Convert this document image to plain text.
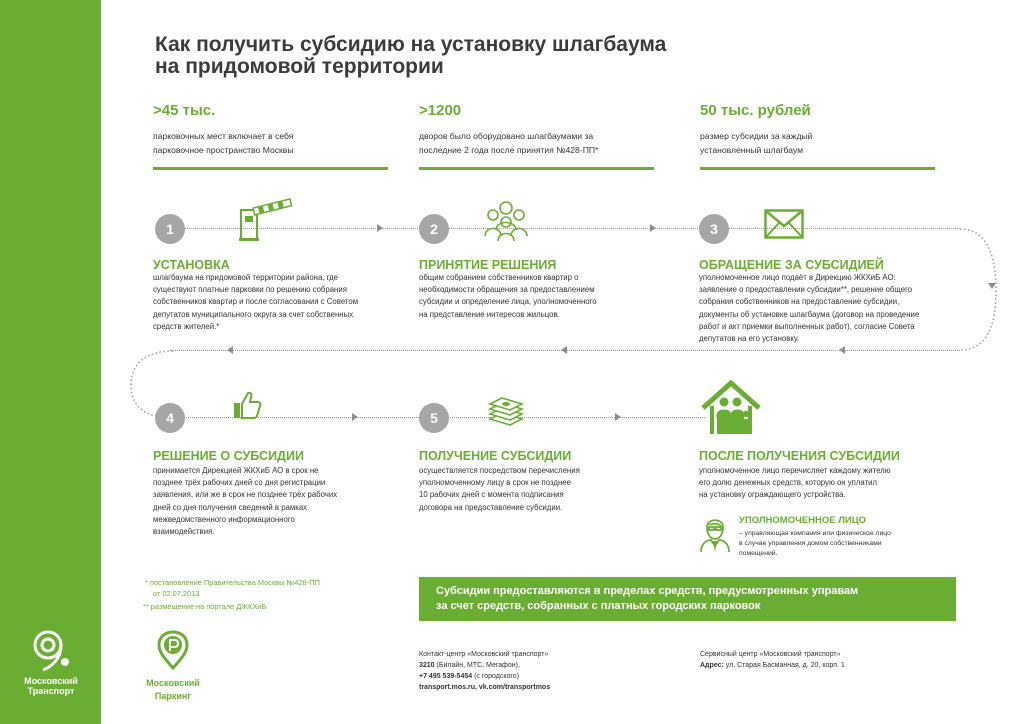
Московский
Транспорт
Как получить субсидию на установку шлагбаума
на придомовой территории
>45 тыс.
парковочных мест включает в себя
парковочное пространство Москвы
>1200
дворов было оборудовано шлагбаумами за
последние 2 года после принятия №428-ПП*
50 тыс. рублей
размер субсидии за каждый
установленный шлагбаум
1	2	3
4	5
УСТАНОВКА
шлагбаума на придомовой территории района, где
существуют платные парковки по решению собрания
собственников квартир и после согласования с Советом
депутатов муниципального округа за счет собственных
средств жителей.*
ПРИНЯТИЕ РЕШЕНИЯ
общим собранием собственников квартир о
необходимости обращения за предоставлением
субсидии и определение лица, уполномоченного
на представление интересов жильцов.
ОБРАЩЕНИЕ ЗА СУБСИДИЕЙ
уполномоченное лицо подаёт в Дирекцию ЖКХиБ АО:
заявление о предоставлении субсидии**, решение общего
собрания собственников на предоставление субсидии,
документы об установке шлагбаума (договор на проведение
работ и акт приемки выполненных работ), согласие Совета
депутатов на его установку.
РЕШЕНИЕ О СУБСИДИИ
принимается Дирекцией ЖКХиБ АО в срок не
позднее трёх рабочих дней со дня регистрации
заявления, или же в срок не позднее трёх рабочих
дней со дня получения сведений в рамках
межведомственного информационного
взаимодействия.
ПОЛУЧЕНИЕ СУБСИДИИ
осуществляется посредством перечисления
уполномоченному лицу в срок не позднее
10 рабочих дней с момента подписания
договора на предоставление субсидии.
ПОСЛЕ ПОЛУЧЕНИЯ СУБСИДИИ
уполномоченное лицо перечисляет каждому жителю
его долю денежных средств, которую он уплатил
на установку ограждающего устройства.
УПОЛНОМОЧЕННОЕ ЛИЦО
– управляющая компания или физическое лицо
в случае управления домом собственниками
помещений.
* постановление Правительства Москвы №428-ПП
от 02.07.2013
** размещение на портале ДЖКХиБ
Субсидии предоставляются в пределах средств, предусмотренных управам
за счет средств, собранных с платных городских парковок
Московский
Паркинг
Контакт-центр «Московский транспорт»
3210 (Билайн, МТС, Мегафон),
+7 495 539-5454 (с городского)
transport.mos.ru, vk.com/transportmos
Сервисный центр «Московский транспорт»
Адрес: ул. Старая Басманная, д. 20, корп. 1
